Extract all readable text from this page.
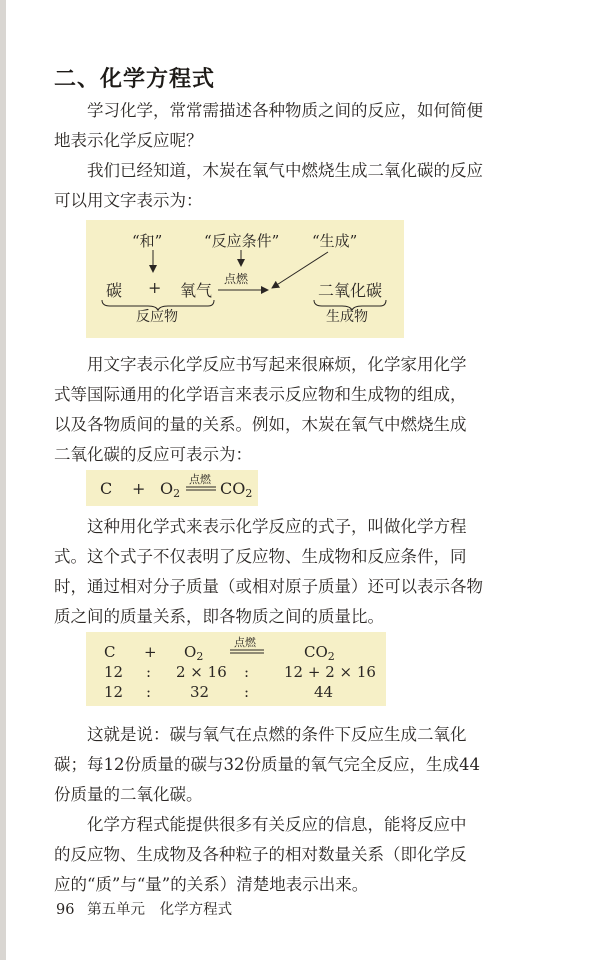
二、化学方程式

学习化学，常常需描述各种物质之间的反应，如何简便
地表示化学反应呢？

我们已经知道，木炭在氧气中燃烧生成二氧化碳的反应
可以用文字表示为：

“和”	“反应条件” “生成”
碳 + 氧气
点燃
二氧化碳
反应物	生成物

用文字表示化学反应书写起来很麻烦，化学家用化学
式等国际通用的化学语言来表示反应物和生成物的组成，
以及各物质间的量的关系。例如，木炭在氧气中燃烧生成
二氧化碳的反应可表示为：

$C + O_2$
点燃 $CO_2$

这种用化学式来表示化学反应的式子，叫做化学方程
式。这个式子不仅表明了反应物、生成物和反应条件，同
时，通过相对分子质量（或相对原子质量）还可以表示各物
质之间的质量关系，即各物质之间的质量比。

点燃
$C + O_2$	$CO_2$
12 : 2 × 16 : 12 + 2 × 16
12 :	32 :	44

这就是说：碳与氧气在点燃的条件下反应生成二氧化
碳；每12份质量的碳与32份质量的氧气完全反应，生成44
份质量的二氧化碳。

化学方程式能提供很多有关反应的信息，能将反应中
的反应物、生成物及各种粒子的相对数量关系（即化学反
应的“质”与“量”的关系）清楚地表示出来。

96 第五单元 化学方程式
